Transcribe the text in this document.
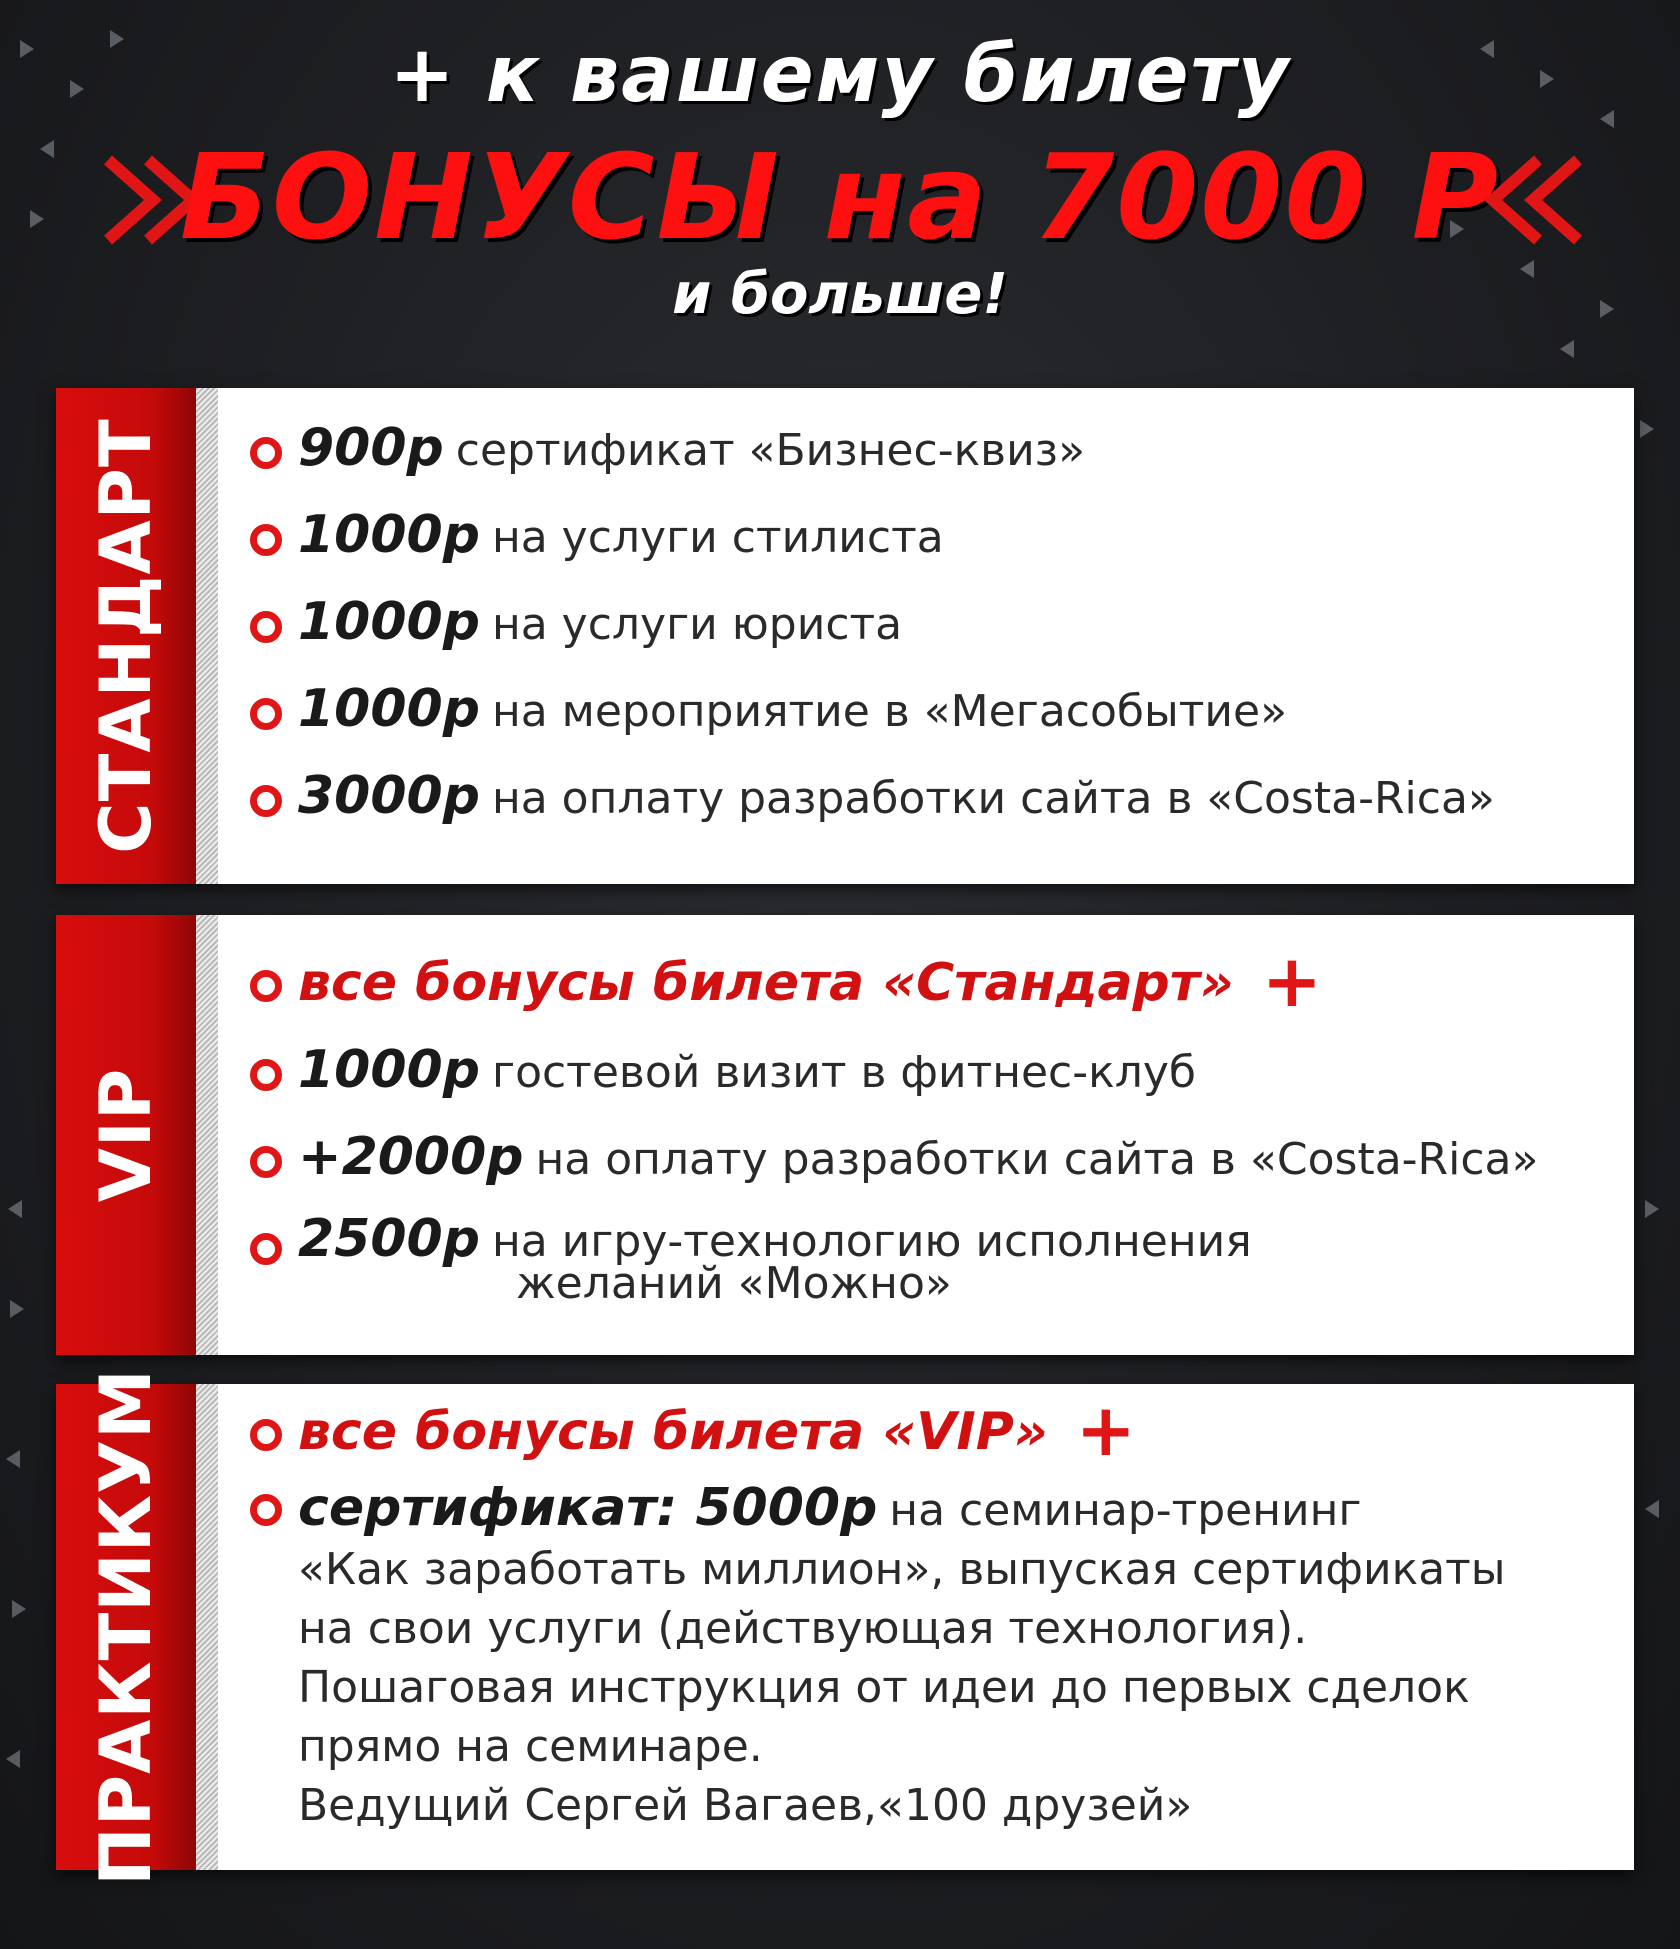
+ к вашему билету
БОНУСЫ на 7000 Р
и больше!
СТАНДАРТ	900р сертификат «Бизнес-квиз»
1000р на услуги стилиста
1000р на услуги юриста
1000р на мероприятие в «Мегасобытие»
3000р на оплату разработки сайта в «Costa-Rica»
VIP
все бонусы билета «Стандарт» +
1000р гостевой визит в фитнес-клуб
+2000р на оплату разработки сайта в «Costa-Rica»
2500р на игру-технологию исполнения
желаний «Можно»
ПРАКТИКУМ	все бонусы билета «VIP» +
сертификат: 5000р на семинар-тренинг
«Как заработать миллион», выпуская сертификаты
на свои услуги (действующая технология).
Пошаговая инструкция от идеи до первых сделок
прямо на семинаре.
Ведущий Сергей Вагаев,«100 друзей»
